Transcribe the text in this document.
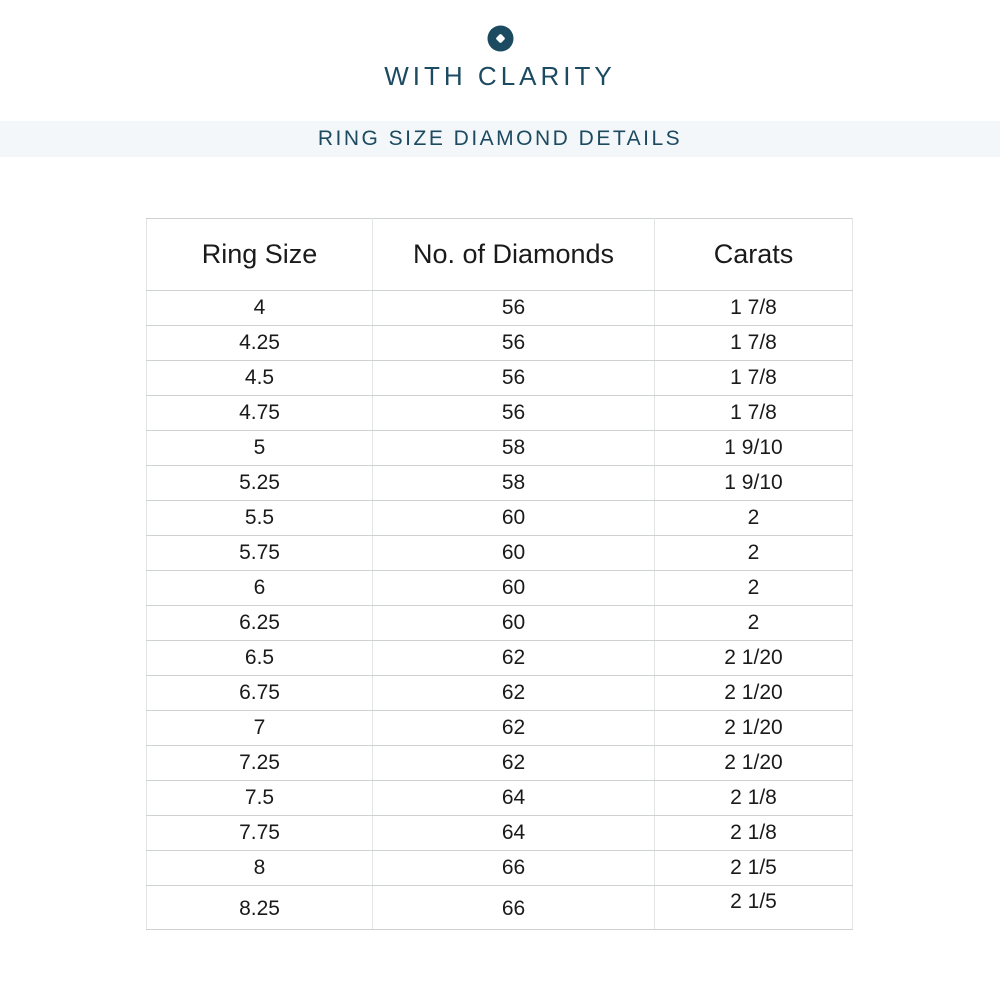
WITH CLARITY
RING SIZE DIAMOND DETAILS
Ring Size	No. of Diamonds	Carats
4	56	1 7/8
4.25	56	1 7/8
4.5	56	1 7/8
4.75	56	1 7/8
5	58	1 9/10
5.25	58	1 9/10
5.5	60	2
5.75	60	2
6	60	2
6.25	60	2
6.5	62	2 1/20
6.75	62	2 1/20
7	62	2 1/20
7.25	62	2 1/20
7.5	64	2 1/8
7.75	64	2 1/8
8	66	2 1/5
8.25	66	2 1/5
